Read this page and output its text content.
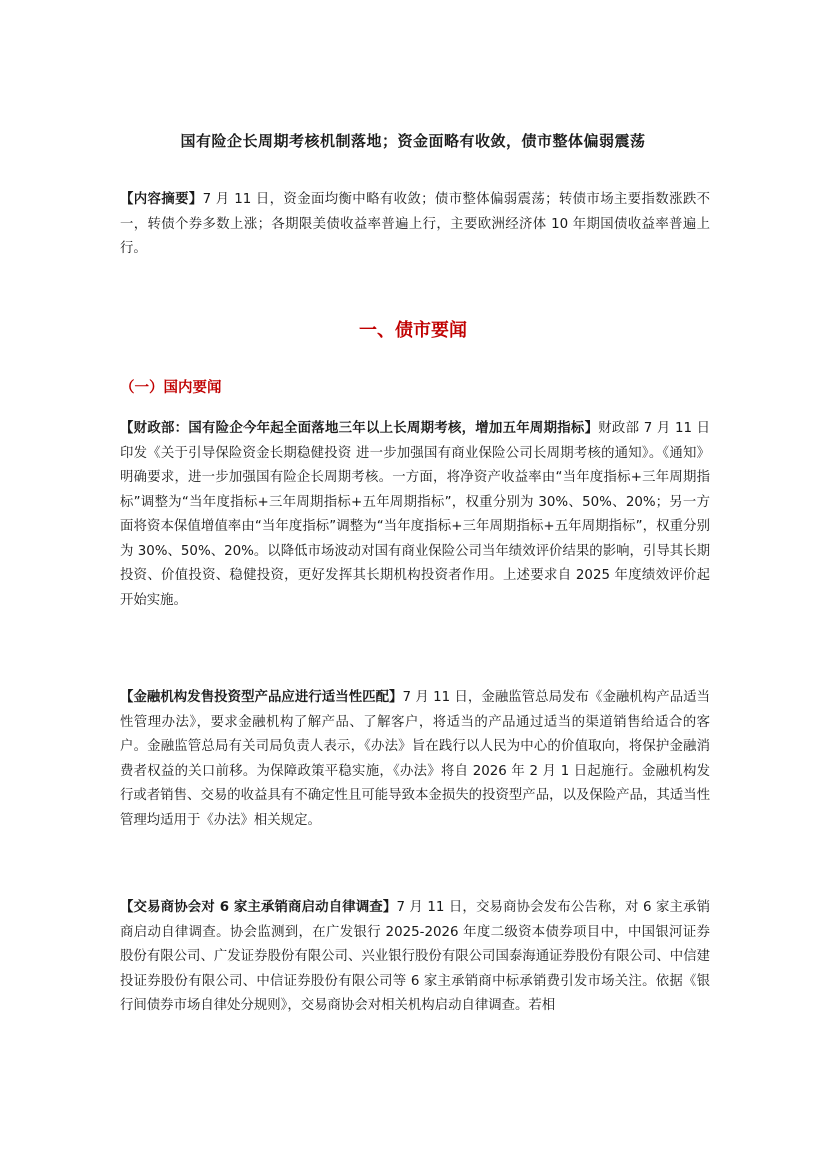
国有险企长周期考核机制落地；资金面略有收敛，债市整体偏弱震荡
【内容摘要】7 月 11 日，资金面均衡中略有收敛；债市整体偏弱震荡；转债市场主要指数涨跌不一，转债个券多数上涨；各期限美债收益率普遍上行，主要欧洲经济体 10 年期国债收益率普遍上行。
一、债市要闻
（一）国内要闻
【财政部：国有险企今年起全面落地三年以上长周期考核，增加五年周期指标】财政部 7 月 11 日印发《关于引导保险资金长期稳健投资 进一步加强国有商业保险公司长周期考核的通知》。《通知》明确要求，进一步加强国有险企长周期考核。一方面，将净资产收益率由“当年度指标+三年周期指标”调整为“当年度指标+三年周期指标+五年周期指标”，权重分别为 30%、50%、20%；另一方面将资本保值增值率由“当年度指标”调整为“当年度指标+三年周期指标+五年周期指标”，权重分别为 30%、50%、20%。以降低市场波动对国有商业保险公司当年绩效评价结果的影响，引导其长期投资、价值投资、稳健投资，更好发挥其长期机构投资者作用。上述要求自 2025 年度绩效评价起开始实施。
【金融机构发售投资型产品应进行适当性匹配】7 月 11 日，金融监管总局发布《金融机构产品适当性管理办法》，要求金融机构了解产品、了解客户，将适当的产品通过适当的渠道销售给适合的客户。金融监管总局有关司局负责人表示，《办法》旨在践行以人民为中心的价值取向，将保护金融消费者权益的关口前移。为保障政策平稳实施，《办法》将自 2026 年 2 月 1 日起施行。金融机构发行或者销售、交易的收益具有不确定性且可能导致本金损失的投资型产品，以及保险产品，其适当性管理均适用于《办法》相关规定。
【交易商协会对 6 家主承销商启动自律调查】7 月 11 日，交易商协会发布公告称，对 6 家主承销商启动自律调查。协会监测到，在广发银行 2025-2026 年度二级资本债券项目中，中国银河证券股份有限公司、广发证券股份有限公司、兴业银行股份有限公司国泰海通证券股份有限公司、中信建投证券股份有限公司、中信证券股份有限公司等 6 家主承销商中标承销费引发市场关注。依据《银行间债券市场自律处分规则》，交易商协会对相关机构启动自律调查。若相
